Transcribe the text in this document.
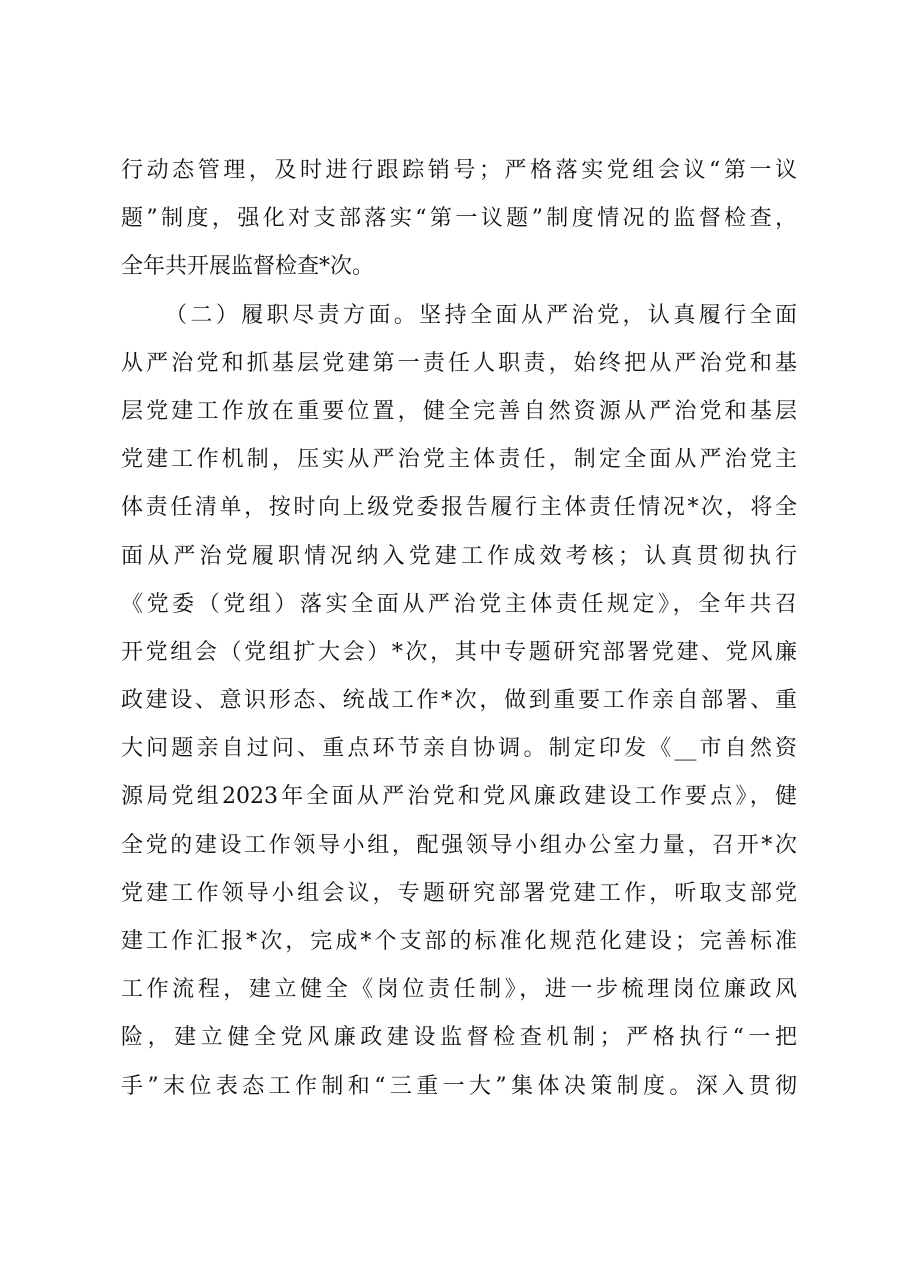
行动态管理，及时进行跟踪销号；严格落实党组会议“第一议
题”制度，强化对支部落实“第一议题”制度情况的监督检查，
全年共开展监督检查*次。
（二）履职尽责方面。坚持全面从严治党，认真履行全面
从严治党和抓基层党建第一责任人职责，始终把从严治党和基
层党建工作放在重要位置，健全完善自然资源从严治党和基层
党建工作机制，压实从严治党主体责任，制定全面从严治党主
体责任清单，按时向上级党委报告履行主体责任情况*次，将全
面从严治党履职情况纳入党建工作成效考核；认真贯彻执行
《党委（党组）落实全面从严治党主体责任规定》，全年共召
开党组会（党组扩大会）*次，其中专题研究部署党建、党风廉
政建设、意识形态、统战工作*次，做到重要工作亲自部署、重
大问题亲自过问、重点环节亲自协调。制定印发《__市自然资
源局党组2023年全面从严治党和党风廉政建设工作要点》，健
全党的建设工作领导小组，配强领导小组办公室力量，召开*次
党建工作领导小组会议，专题研究部署党建工作，听取支部党
建工作汇报*次，完成*个支部的标准化规范化建设；完善标准
工作流程，建立健全《岗位责任制》，进一步梳理岗位廉政风
险，建立健全党风廉政建设监督检查机制；严格执行“一把
手”末位表态工作制和“三重一大”集体决策制度。深入贯彻
